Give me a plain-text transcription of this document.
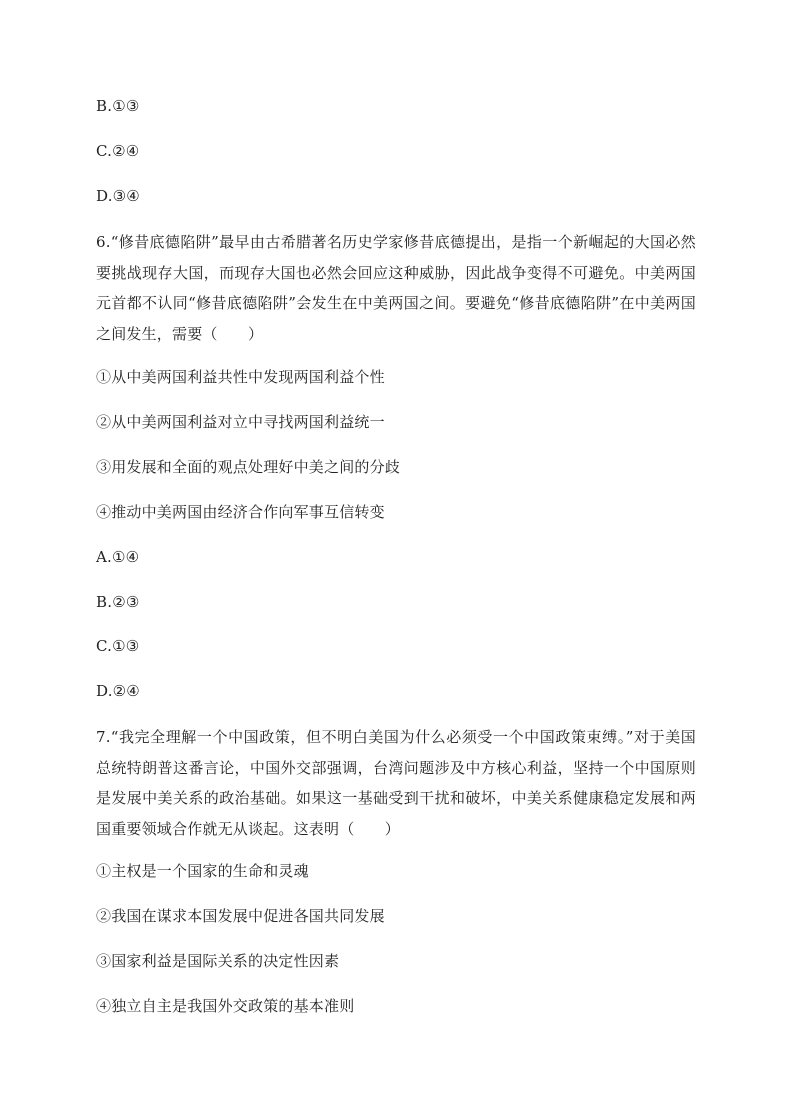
B.①③
C.②④
D.③④
6.“修昔底德陷阱”最早由古希腊著名历史学家修昔底德提出，是指一个新崛起的大国必然要挑战现存大国，而现存大国也必然会回应这种威胁，因此战争变得不可避免。中美两国元首都不认同“修昔底德陷阱”会发生在中美两国之间。要避免“修昔底德陷阱”在中美两国之间发生，需要（　　）
①从中美两国利益共性中发现两国利益个性
②从中美两国利益对立中寻找两国利益统一
③用发展和全面的观点处理好中美之间的分歧
④推动中美两国由经济合作向军事互信转变
A.①④
B.②③
C.①③
D.②④
7.“我完全理解一个中国政策，但不明白美国为什么必须受一个中国政策束缚。”对于美国总统特朗普这番言论，中国外交部强调，台湾问题涉及中方核心利益，坚持一个中国原则是发展中美关系的政治基础。如果这一基础受到干扰和破坏，中美关系健康稳定发展和两国重要领域合作就无从谈起。这表明（　　）
①主权是一个国家的生命和灵魂
②我国在谋求本国发展中促进各国共同发展
③国家利益是国际关系的决定性因素
④独立自主是我国外交政策的基本准则
